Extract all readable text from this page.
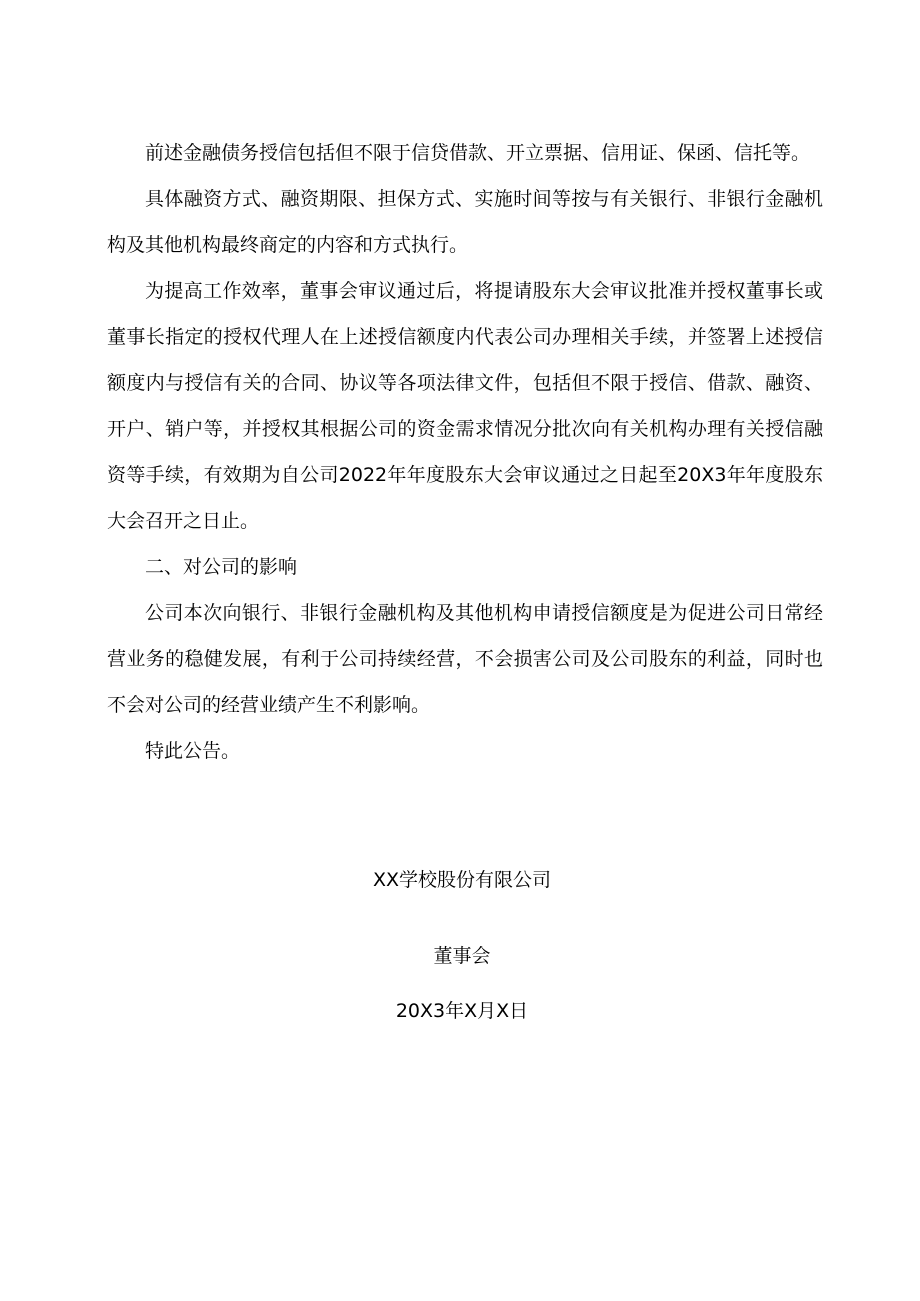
前述金融债务授信包括但不限于信贷借款、开立票据、信用证、保函、信托等。

具体融资方式、融资期限、担保方式、实施时间等按与有关银行、非银行金融机构及其他机构最终商定的内容和方式执行。

为提高工作效率，董事会审议通过后，将提请股东大会审议批准并授权董事长或董事长指定的授权代理人在上述授信额度内代表公司办理相关手续，并签署上述授信额度内与授信有关的合同、协议等各项法律文件，包括但不限于授信、借款、融资、开户、销户等，并授权其根据公司的资金需求情况分批次向有关机构办理有关授信融资等手续，有效期为自公司2022年年度股东大会审议通过之日起至20X3年年度股东大会召开之日止。

二、对公司的影响

公司本次向银行、非银行金融机构及其他机构申请授信额度是为促进公司日常经营业务的稳健发展，有利于公司持续经营，不会损害公司及公司股东的利益，同时也不会对公司的经营业绩产生不利影响。

特此公告。

XX学校股份有限公司
董事会
20X3年X月X日
